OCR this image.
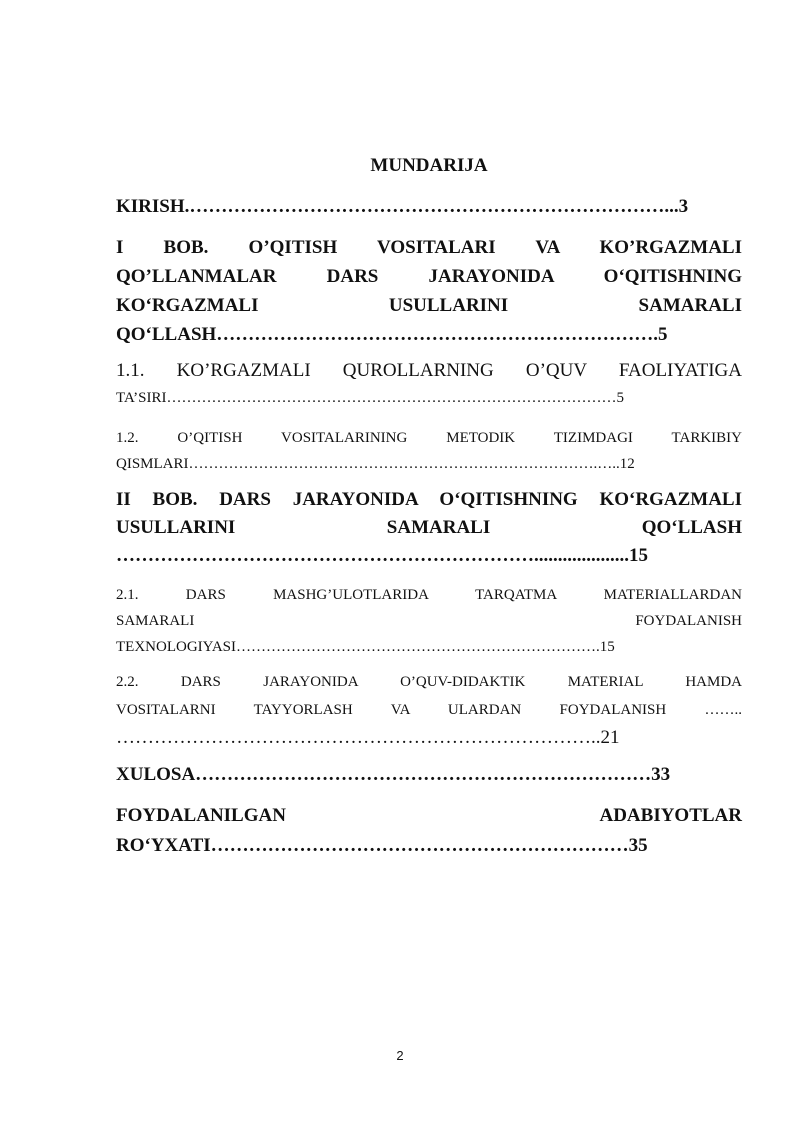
MUNDARIJA
KIRISH.…………………………………………………………………...3
I BOB. O’QITISH VOSITALARI VA KO’RGAZMALI
QO’LLANMALAR DARS JARAYONIDA O‘QITISHNING
KO‘RGAZMALI USULLARINI SAMARALI
QO‘LLASH…………………………………………………………….5
1.1. KO’RGAZMALI QUROLLARNING O’QUV FAOLIYATIGA
TA’SIRI………………………………………………………………………………5
1.2. O’QITISH VOSITALARINING METODIK TIZIMDAGI TARKIBIY
QISMLARI……………………………………………………………………….…..12
II BOB. DARS JARAYONIDA O‘QITISHNING KO‘RGAZMALI
USULLARINI SAMARALI QO‘LLASH
…………………………………………………………....................15
2.1. DARS MASHG’ULOTLARIDA TARQATMA MATERIALLARDAN
SAMARALI FOYDALANISH
TEXNOLOGIYASI……………………………………………………………….15
2.2. DARS JARAYONIDA O’QUV-DIDAKTIK MATERIAL HAMDA
VOSITALARNI TAYYORLASH VA ULARDAN FOYDALANISH ……..
…………………………………………………………………..21
XULOSA………………………………………………………………33
FOYDALANILGAN ADABIYOTLAR
RO‘YXATI…………………………………………………………35
2
